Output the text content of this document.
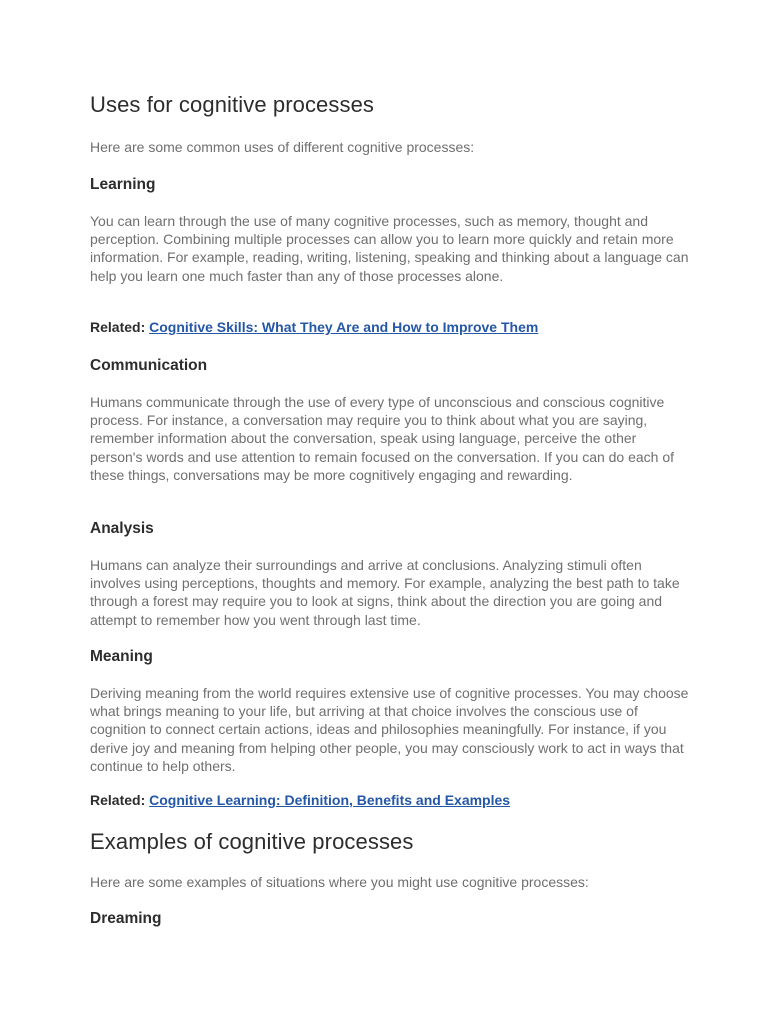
Uses for cognitive processes

Here are some common uses of different cognitive processes:

Learning

You can learn through the use of many cognitive processes, such as memory, thought and perception. Combining multiple processes can allow you to learn more quickly and retain more information. For example, reading, writing, listening, speaking and thinking about a language can help you learn one much faster than any of those processes alone.

Related: Cognitive Skills: What They Are and How to Improve Them

Communication

Humans communicate through the use of every type of unconscious and conscious cognitive process. For instance, a conversation may require you to think about what you are saying, remember information about the conversation, speak using language, perceive the other person's words and use attention to remain focused on the conversation. If you can do each of these things, conversations may be more cognitively engaging and rewarding.

Analysis

Humans can analyze their surroundings and arrive at conclusions. Analyzing stimuli often involves using perceptions, thoughts and memory. For example, analyzing the best path to take through a forest may require you to look at signs, think about the direction you are going and attempt to remember how you went through last time.

Meaning

Deriving meaning from the world requires extensive use of cognitive processes. You may choose what brings meaning to your life, but arriving at that choice involves the conscious use of cognition to connect certain actions, ideas and philosophies meaningfully. For instance, if you derive joy and meaning from helping other people, you may consciously work to act in ways that continue to help others.

Related: Cognitive Learning: Definition, Benefits and Examples

Examples of cognitive processes

Here are some examples of situations where you might use cognitive processes:

Dreaming
